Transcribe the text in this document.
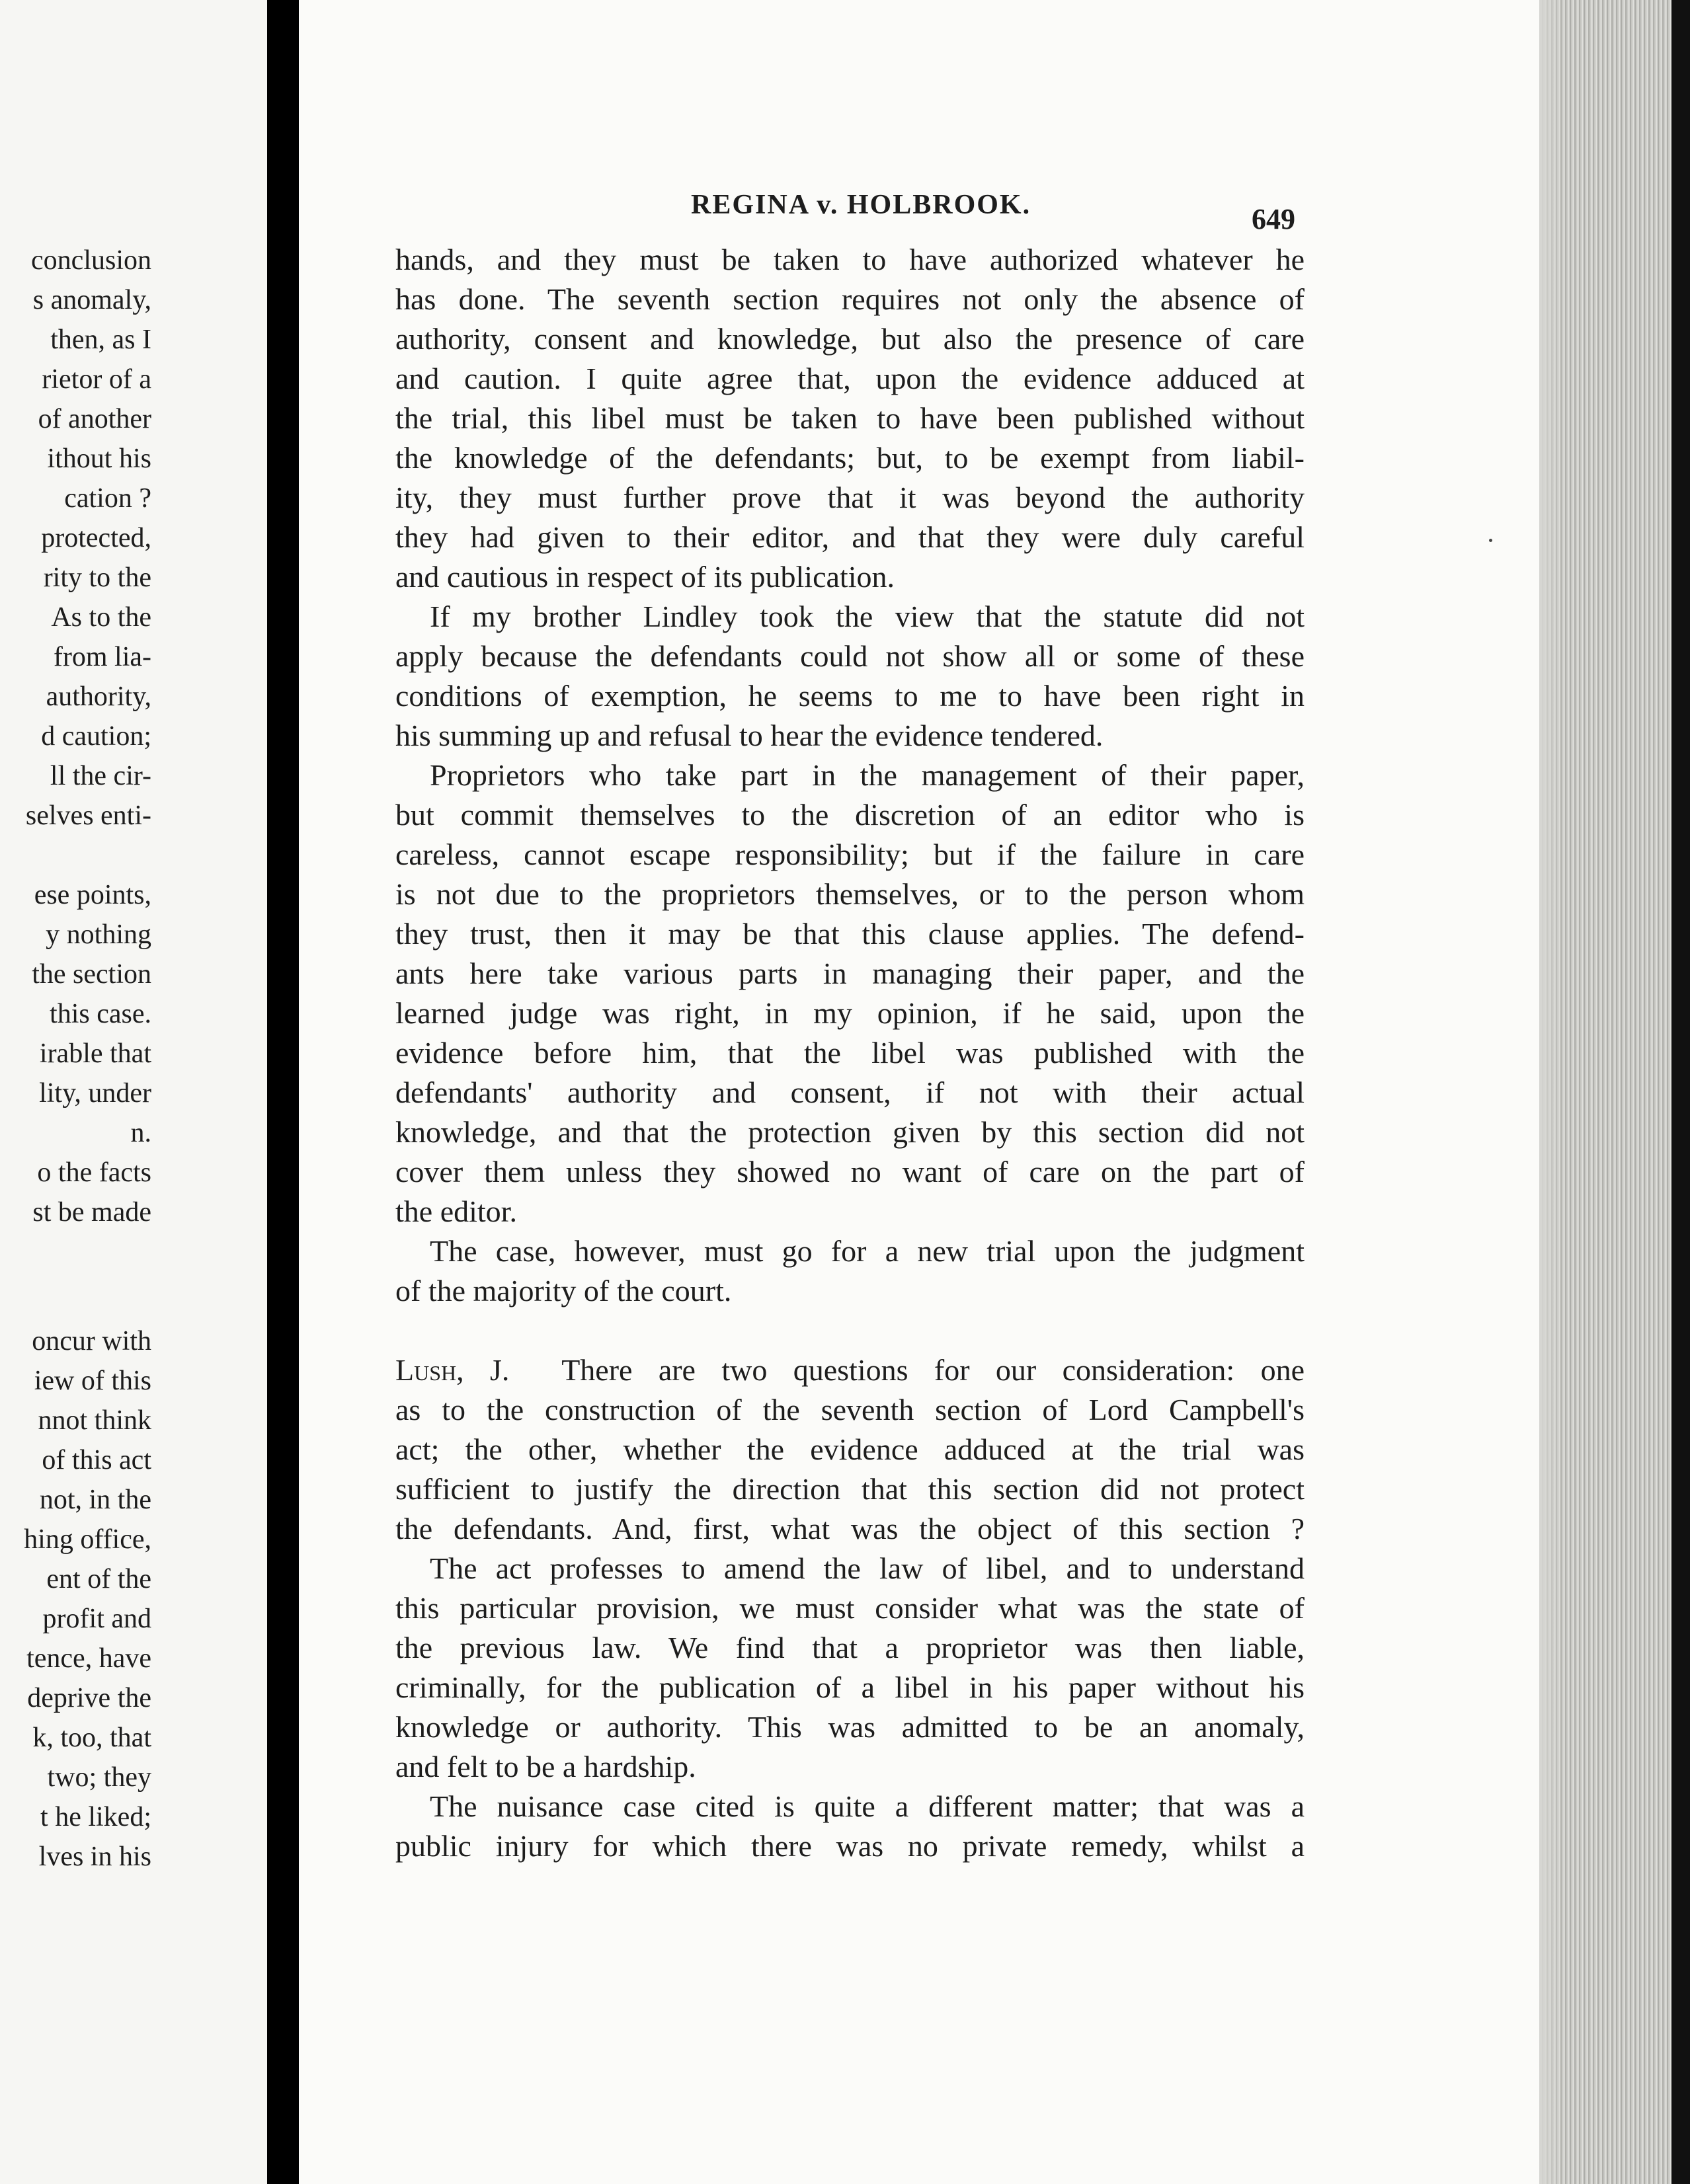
conclusion
s anomaly,
then, as I
rietor of a
of another
ithout his
cation ?
protected,
rity to the
As to the
from lia-
authority,
d caution;
ll the cir-
selves enti-
ese points,
y nothing
the section
this case.
irable that
lity, under
n.
o the facts
st be made
oncur with
iew of this
nnot think
of this act
not, in the
hing office,
ent of the
profit and
tence, have
deprive the
k, too, that
two; they
t he liked;
lves in his
REGINA v. HOLBROOK.	649
hands, and they must be taken to have authorized whatever he
has done. The seventh section requires not only the absence of
authority, consent and knowledge, but also the presence of care
and caution. I quite agree that, upon the evidence adduced at
the trial, this libel must be taken to have been published without
the knowledge of the defendants; but, to be exempt from liabil-
ity, they must further prove that it was beyond the authority
they had given to their editor, and that they were duly careful
and cautious in respect of its publication.
If my brother Lindley took the view that the statute did not
apply because the defendants could not show all or some of these
conditions of exemption, he seems to me to have been right in
his summing up and refusal to hear the evidence tendered.
Proprietors who take part in the management of their paper,
but commit themselves to the discretion of an editor who is
careless, cannot escape responsibility; but if the failure in care
is not due to the proprietors themselves, or to the person whom
they trust, then it may be that this clause applies. The defend-
ants here take various parts in managing their paper, and the
learned judge was right, in my opinion, if he said, upon the
evidence before him, that the libel was published with the
defendants' authority and consent, if not with their actual
knowledge, and that the protection given by this section did not
cover them unless they showed no want of care on the part of
the editor.
The case, however, must go for a new trial upon the judgment
of the majority of the court.
Lush, J. There are two questions for our consideration: one
as to the construction of the seventh section of Lord Campbell's
act; the other, whether the evidence adduced at the trial was
sufficient to justify the direction that this section did not protect
the defendants. And, first, what was the object of this section ?
The act professes to amend the law of libel, and to understand
this particular provision, we must consider what was the state of
the previous law. We find that a proprietor was then liable,
criminally, for the publication of a libel in his paper without his
knowledge or authority. This was admitted to be an anomaly,
and felt to be a hardship.
The nuisance case cited is quite a different matter; that was a
public injury for which there was no private remedy, whilst a
